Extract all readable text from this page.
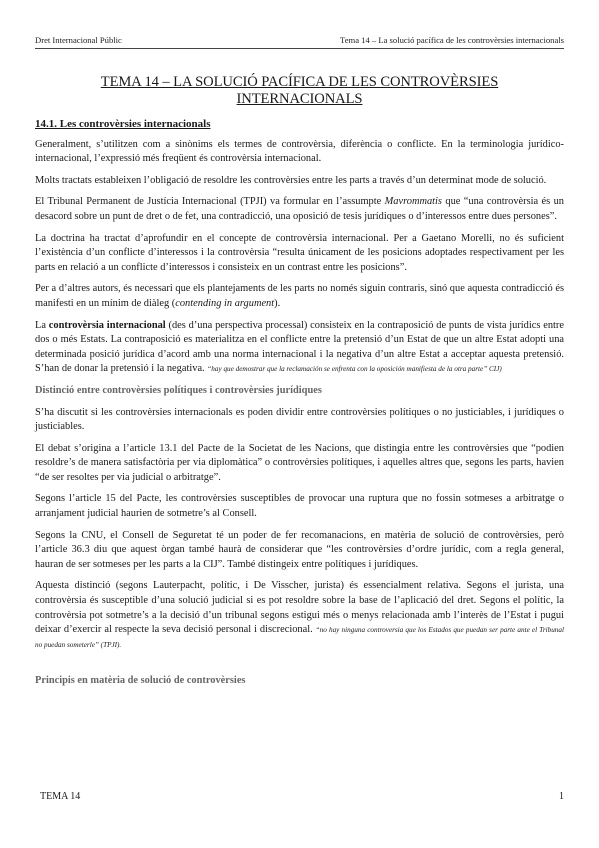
Dret Internacional Públic	Tema 14 – La solució pacífica de les controvèrsies internacionals
TEMA 14 – LA SOLUCIÓ PACÍFICA DE LES CONTROVÈRSIES INTERNACIONALS

14.1. Les controvèrsies internacionals

Generalment, s’utilitzen com a sinònims els termes de controvèrsia, diferència o conflicte. En la terminologia jurídico-internacional, l’expressió més freqüent és controvèrsia internacional.

Molts tractats estableixen l’obligació de resoldre les controvèrsies entre les parts a través d’un determinat mode de solució.

El Tribunal Permanent de Justícia Internacional (TPJI) va formular en l’assumpte Mavrommatis que “una controvèrsia és un desacord sobre un punt de dret o de fet, una contradicció, una oposició de tesis jurídiques o d’interessos entre dues persones”.

La doctrina ha tractat d’aprofundir en el concepte de controvèrsia internacional. Per a Gaetano Morelli, no és suficient l’existència d’un conflicte d’interessos i la controvèrsia “resulta únicament de les posicions adoptades respectivament per les parts en relació a un conflicte d’interessos i consisteix en un contrast entre les posicions”.

Per a d’altres autors, és necessari que els plantejaments de les parts no només siguin contraris, sinó que aquesta contradicció és manifesti en un mínim de diàleg (contending in argument).

La controvèrsia internacional (des d’una perspectiva processal) consisteix en la contraposició de punts de vista jurídics entre dos o més Estats. La contraposició es materialitza en el conflicte entre la pretensió d’un Estat de que un altre Estat adopti una determinada posició jurídica d’acord amb una norma internacional i la negativa d’un altre Estat a acceptar aquesta pretensió. S’han de donar la pretensió i la negativa. “hay que demostrar que la reclamación se enfrenta con la oposición manifiesta de la otra parte” CIJ)

Distinció entre controvèrsies polítiques i controvèrsies jurídiques

S’ha discutit si les controvèrsies internacionals es poden dividir entre controvèrsies polítiques o no justiciables, i jurídiques o justiciables.

El debat s’origina a l’article 13.1 del Pacte de la Societat de les Nacions, que distingia entre les controvèrsies que “podien resoldre’s de manera satisfactòria per via diplomàtica” o controvèrsies polítiques, i aquelles altres que, segons les parts, havien “de ser resoltes per via judicial o arbitratge”.

Segons l’article 15 del Pacte, les controvèrsies susceptibles de provocar una ruptura que no fossin sotmeses a arbitratge o arranjament judicial haurien de sotmetre’s al Consell.

Segons la CNU, el Consell de Seguretat té un poder de fer recomanacions, en matèria de solució de controvèrsies, però l’article 36.3 diu que aquest òrgan també haurà de considerar que “les controvèrsies d’ordre jurídic, com a regla general, hauran de ser sotmeses per les parts a la CIJ”. També distingeix entre polítiques i jurídiques.

Aquesta distinció (segons Lauterpacht, polític, i De Visscher, jurista) és essencialment relativa. Segons el jurista, una controvèrsia és susceptible d’una solució judicial si es pot resoldre sobre la base de l’aplicació del dret. Segons el polític, la controvèrsia pot sotmetre’s a la decisió d’un tribunal segons estigui més o menys relacionada amb l’interès de l’Estat i pugui deixar d’exercir al respecte la seva decisió personal i discrecional. “no hay ninguna controversia que los Estados que puedan ser parte ante el Tribunal no puedan someterle” (TPJI).

Principis en matèria de solució de controvèrsies

TEMA 14	1
